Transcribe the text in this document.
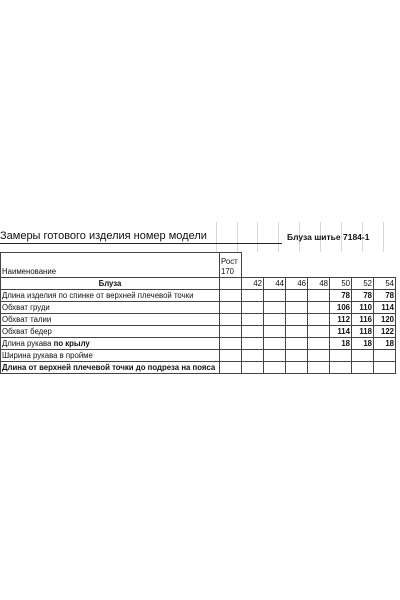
Замеры готового изделия номер модели	Блуза шитье 7184-1
Наименование	Рост
170							
Блуза		42	44	46	48	50	52	54
Длина изделия по спинке от верхней плечевой точки						78	78	78
Обхват груди						106	110	114
Обхват талии						112	116	120
Обхват бедер						114	118	122
Длина рукава по крылу						18	18	18
Ширина рукава в пройме								
Длина от верхней плечевой точки до подреза на пояса								
